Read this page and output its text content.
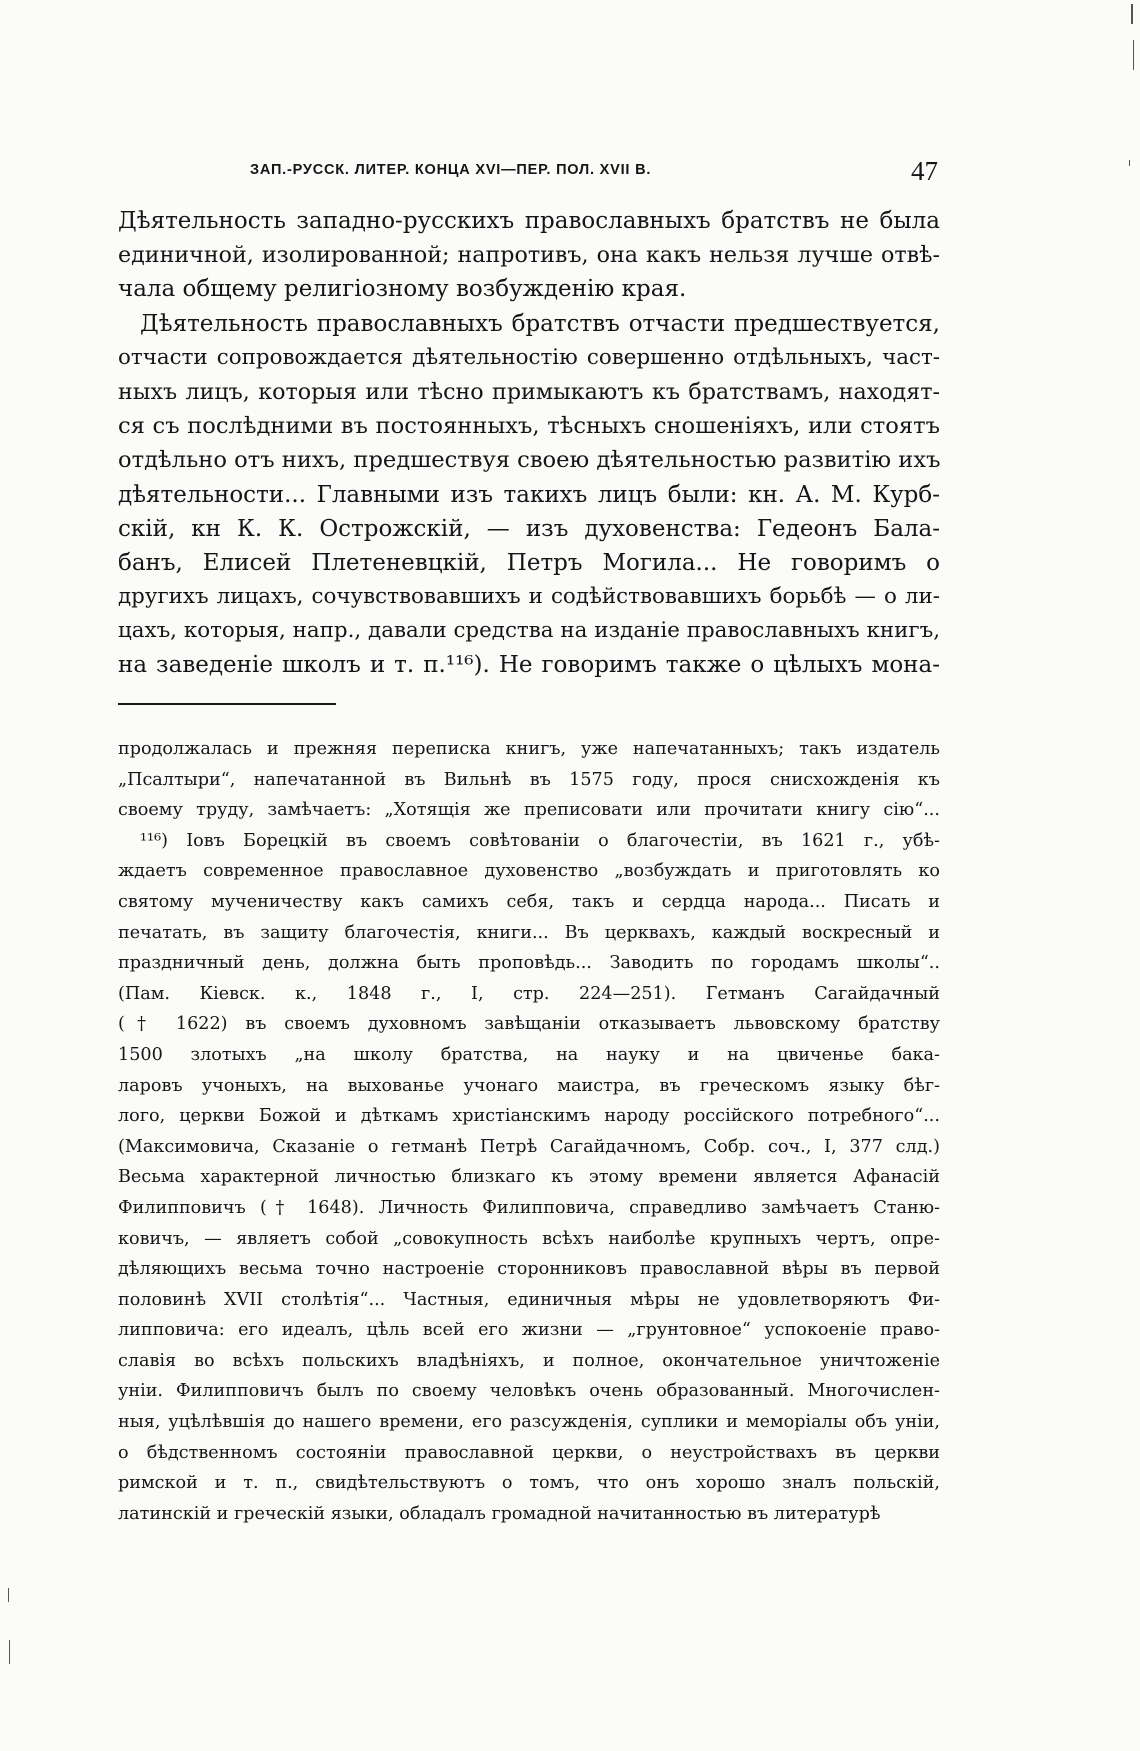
ЗАП.-РУССК. ЛИТЕР. КОНЦА XVI—ПЕР. ПОЛ. XVII В.	47
Дѣятельность западно-русскихъ православныхъ братствъ не была
единичной, изолированной; напротивъ, она какъ нельзя лучше отвѣ-
чала общему религіозному возбужденію края.
Дѣятельность православныхъ братствъ отчасти предшествуется,
отчасти сопровождается дѣятельностію совершенно отдѣльныхъ, част-
ныхъ лицъ, которыя или тѣсно примыкаютъ къ братствамъ, находят-
ся съ послѣдними въ постоянныхъ, тѣсныхъ сношеніяхъ, или стоятъ
отдѣльно отъ нихъ, предшествуя своею дѣятельностью развитію ихъ
дѣятельности... Главными изъ такихъ лицъ были: кн. А. М. Курб-
скій, кн К. К. Острожскій, — изъ духовенства: Гедеонъ Бала-
банъ, Елисей Плетеневцкій, Петръ Могила... Не говоримъ о
другихъ лицахъ, сочувствовавшихъ и содѣйствовавшихъ борьбѣ — о ли-
цахъ, которыя, напр., давали средства на изданіе православныхъ книгъ,
на заведеніе школъ и т. п.¹¹⁶). Не говоримъ также о цѣлыхъ мона-
продолжалась и прежняя переписка книгъ, уже напечатанныхъ; такъ издатель
„Псалтыри“, напечатанной въ Вильнѣ въ 1575 году, прося снисхожденія къ
своему труду, замѣчаетъ: „Хотящія же преписовати или прочитати книгу сію“...
¹¹⁶) Іовъ Борецкій въ своемъ совѣтованіи о благочестіи, въ 1621 г., убѣ-
ждаетъ современное православное духовенство „возбуждать и приготовлять ко
святому мученичеству какъ самихъ себя, такъ и сердца народа... Писать и
печатать, въ защиту благочестія, книги... Въ церквахъ, каждый воскресный и
праздничный день, должна быть проповѣдь... Заводить по городамъ школы“..
(Пам. Кіевск. к., 1848 г., I, стр. 224—251). Гетманъ Сагайдачный
(† 1622) въ своемъ духовномъ завѣщаніи отказываетъ львовскому братству
1500 злотыхъ „на школу братства, на науку и на цвиченье бака-
ларовъ учоныхъ, на выхованье учонаго маистра, въ греческомъ языку бѣг-
лого, церкви Божой и дѣткамъ христіанскимъ народу россійского потребного“...
(Максимовича, Сказаніе о гетманѣ Петрѣ Сагайдачномъ, Собр. соч., I, 377 слд.)
Весьма характерной личностью близкаго къ этому времени является Афанасій
Филипповичъ († 1648). Личность Филипповича, справедливо замѣчаетъ Станю-
ковичъ, — являетъ собой „совокупность всѣхъ наиболѣе крупныхъ чертъ, опре-
дѣляющихъ весьма точно настроеніе сторонниковъ православной вѣры въ первой
половинѣ XVII столѣтія“... Частныя, единичныя мѣры не удовлетворяютъ Фи-
липповича: его идеалъ, цѣль всей его жизни — „грунтовное“ успокоеніе право-
славія во всѣхъ польскихъ владѣніяхъ, и полное, окончательное уничтоженіе
уніи. Филипповичъ былъ по своему человѣкъ очень образованный. Многочислен-
ныя, уцѣлѣвшія до нашего времени, его разсужденія, суплики и меморіалы объ уніи,
о бѣдственномъ состояніи православной церкви, о неустройствахъ въ церкви
римской и т. п., свидѣтельствуютъ о томъ, что онъ хорошо зналъ польскій,
латинскій и греческій языки, обладалъ громадной начитанностью въ литературѣ
